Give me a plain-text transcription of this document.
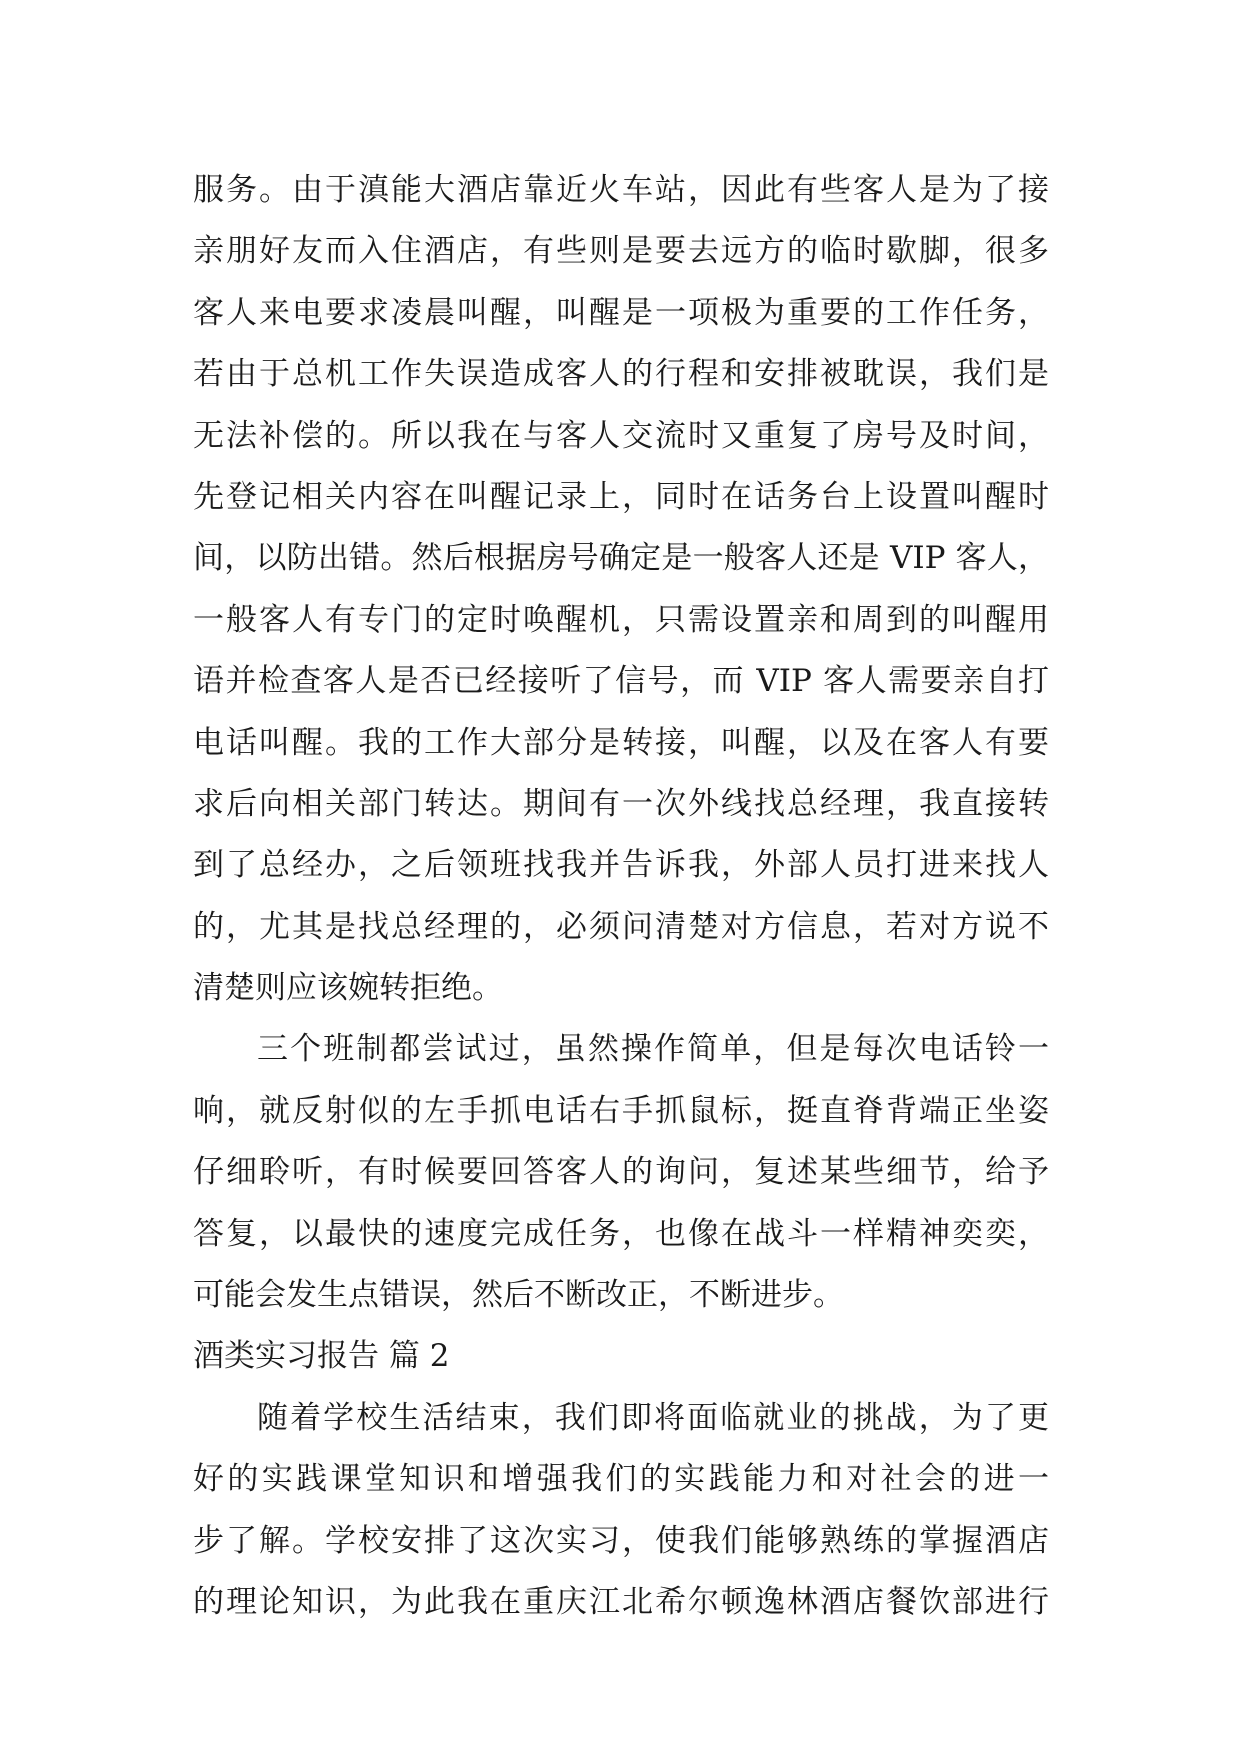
服务。由于滇能大酒店靠近火车站，因此有些客人是为了接
亲朋好友而入住酒店，有些则是要去远方的临时歇脚，很多
客人来电要求凌晨叫醒，叫醒是一项极为重要的工作任务，
若由于总机工作失误造成客人的行程和安排被耽误，我们是
无法补偿的。所以我在与客人交流时又重复了房号及时间，
先登记相关内容在叫醒记录上，同时在话务台上设置叫醒时
间，以防出错。然后根据房号确定是一般客人还是 VIP 客人，
一般客人有专门的定时唤醒机，只需设置亲和周到的叫醒用
语并检查客人是否已经接听了信号，而 VIP 客人需要亲自打
电话叫醒。我的工作大部分是转接，叫醒，以及在客人有要
求后向相关部门转达。期间有一次外线找总经理，我直接转
到了总经办，之后领班找我并告诉我，外部人员打进来找人
的，尤其是找总经理的，必须问清楚对方信息，若对方说不
清楚则应该婉转拒绝。
三个班制都尝试过，虽然操作简单，但是每次电话铃一
响，就反射似的左手抓电话右手抓鼠标，挺直脊背端正坐姿
仔细聆听，有时候要回答客人的询问，复述某些细节，给予
答复，以最快的速度完成任务，也像在战斗一样精神奕奕，
可能会发生点错误，然后不断改正，不断进步。
酒类实习报告 篇 2
随着学校生活结束，我们即将面临就业的挑战，为了更
好的实践课堂知识和增强我们的实践能力和对社会的进一
步了解。学校安排了这次实习，使我们能够熟练的掌握酒店
的理论知识，为此我在重庆江北希尔顿逸林酒店餐饮部进行
